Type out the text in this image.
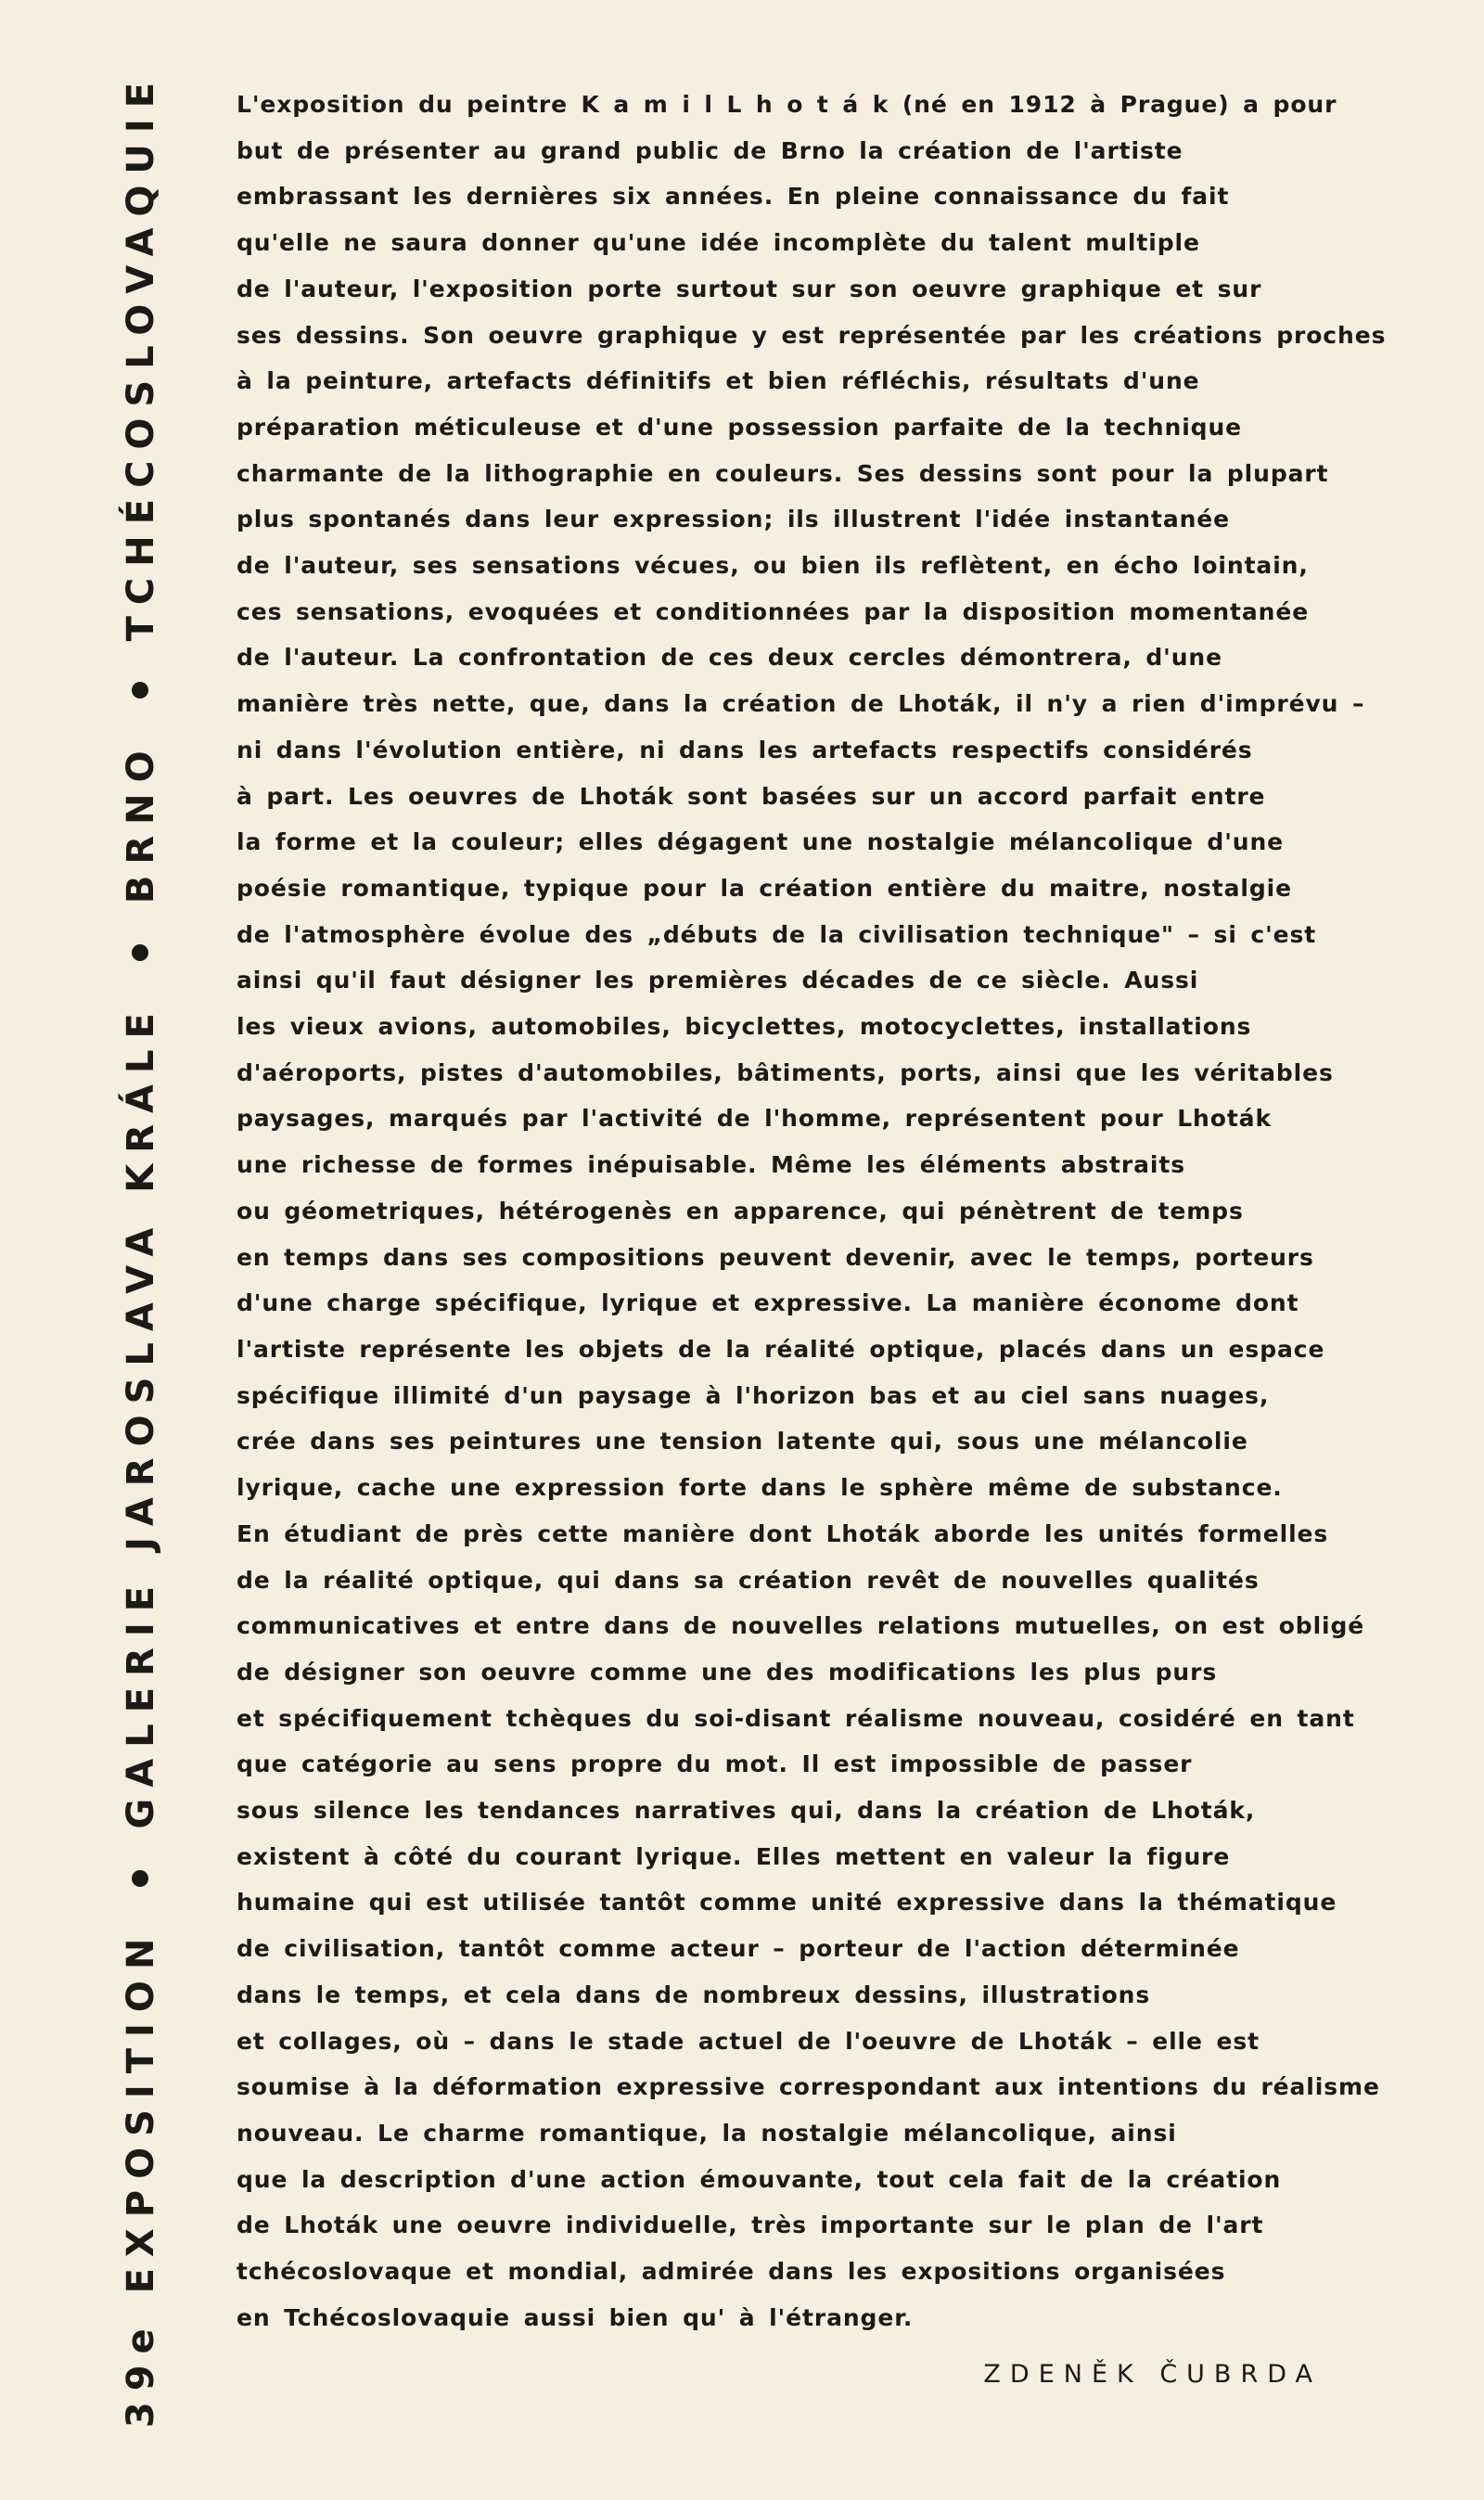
39e EXPOSITIONGALERIE JAROSLAVA KRÁLEBRNOTCHÉCOSLOVAQUIE	L'exposition du peintre K a m i l L h o t á k (né en 1912 à Prague) a pour
but de présenter au grand public de Brno la création de l'artiste
embrassant les dernières six années. En pleine connaissance du fait
qu'elle ne saura donner qu'une idée incomplète du talent multiple
de l'auteur, l'exposition porte surtout sur son oeuvre graphique et sur
ses dessins. Son oeuvre graphique y est représentée par les créations proches
à la peinture, artefacts définitifs et bien réfléchis, résultats d'une
préparation méticuleuse et d'une possession parfaite de la technique
charmante de la lithographie en couleurs. Ses dessins sont pour la plupart
plus spontanés dans leur expression; ils illustrent l'idée instantanée
de l'auteur, ses sensations vécues, ou bien ils reflètent, en écho lointain,
ces sensations, evoquées et conditionnées par la disposition momentanée
de l'auteur. La confrontation de ces deux cercles démontrera, d'une
manière très nette, que, dans la création de Lhoták, il n'y a rien d'imprévu –
ni dans l'évolution entière, ni dans les artefacts respectifs considérés
à part. Les oeuvres de Lhoták sont basées sur un accord parfait entre
la forme et la couleur; elles dégagent une nostalgie mélancolique d'une
poésie romantique, typique pour la création entière du maitre, nostalgie
de l'atmosphère évolue des „débuts de la civilisation technique" – si c'est
ainsi qu'il faut désigner les premières décades de ce siècle. Aussi
les vieux avions, automobiles, bicyclettes, motocyclettes, installations
d'aéroports, pistes d'automobiles, bâtiments, ports, ainsi que les véritables
paysages, marqués par l'activité de l'homme, représentent pour Lhoták
une richesse de formes inépuisable. Même les éléments abstraits
ou géometriques, hétérogenès en apparence, qui pénètrent de temps
en temps dans ses compositions peuvent devenir, avec le temps, porteurs
d'une charge spécifique, lyrique et expressive. La manière économe dont
l'artiste représente les objets de la réalité optique, placés dans un espace
spécifique illimité d'un paysage à l'horizon bas et au ciel sans nuages,
crée dans ses peintures une tension latente qui, sous une mélancolie
lyrique, cache une expression forte dans le sphère même de substance.
En étudiant de près cette manière dont Lhoták aborde les unités formelles
de la réalité optique, qui dans sa création revêt de nouvelles qualités
communicatives et entre dans de nouvelles relations mutuelles, on est obligé
de désigner son oeuvre comme une des modifications les plus purs
et spécifiquement tchèques du soi-disant réalisme nouveau, cosidéré en tant
que catégorie au sens propre du mot. Il est impossible de passer
sous silence les tendances narratives qui, dans la création de Lhoták,
existent à côté du courant lyrique. Elles mettent en valeur la figure
humaine qui est utilisée tantôt comme unité expressive dans la thématique
de civilisation, tantôt comme acteur – porteur de l'action déterminée
dans le temps, et cela dans de nombreux dessins, illustrations
et collages, où – dans le stade actuel de l'oeuvre de Lhoták – elle est
soumise à la déformation expressive correspondant aux intentions du réalisme
nouveau. Le charme romantique, la nostalgie mélancolique, ainsi
que la description d'une action émouvante, tout cela fait de la création
de Lhoták une oeuvre individuelle, très importante sur le plan de l'art
tchécoslovaque et mondial, admirée dans les expositions organisées
en Tchécoslovaquie aussi bien qu' à l'étranger.
ZDENĚK ČUBRDA
